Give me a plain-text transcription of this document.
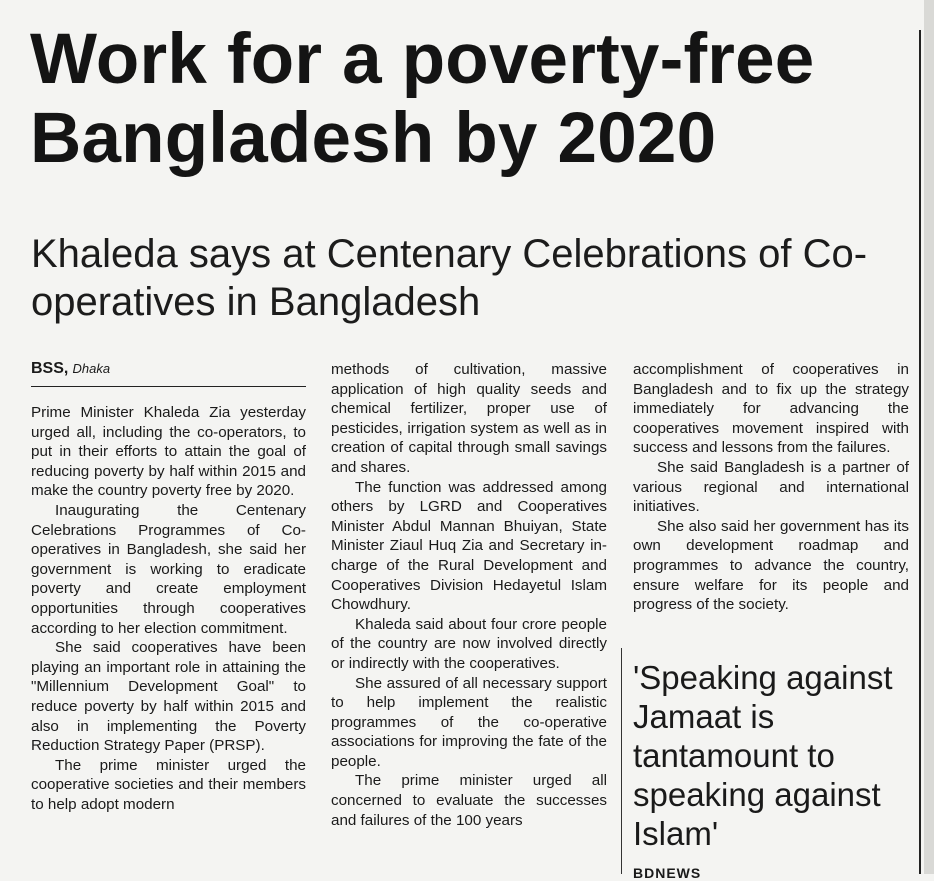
Work for a poverty-free Bangladesh by 2020
Khaleda says at Centenary Celebrations of Co-operatives in Bangladesh
BSS, Dhaka

Prime Minister Khaleda Zia yesterday urged all, including the co-operators, to put in their efforts to attain the goal of reducing poverty by half within 2015 and make the country poverty free by 2020.

Inaugurating the Centenary Celebrations Programmes of Co-operatives in Bangladesh, she said her government is working to eradicate poverty and create employment opportunities through cooperatives according to her election commitment.

She said cooperatives have been playing an important role in attaining the "Millennium Development Goal" to reduce poverty by half within 2015 and also in implementing the Poverty Reduction Strategy Paper (PRSP).

The prime minister urged the cooperative societies and their members to help adopt modern

methods of cultivation, massive application of high quality seeds and chemical fertilizer, proper use of pesticides, irrigation system as well as in creation of capital through small savings and shares.

The function was addressed among others by LGRD and Cooperatives Minister Abdul Mannan Bhuiyan, State Minister Ziaul Huq Zia and Secretary in-charge of the Rural Development and Cooperatives Division Hedayetul Islam Chowdhury.

Khaleda said about four crore people of the country are now involved directly or indirectly with the cooperatives.

She assured of all necessary support to help implement the realistic programmes of the co-operative associations for improving the fate of the people.

The prime minister urged all concerned to evaluate the successes and failures of the 100 years

accomplishment of cooperatives in Bangladesh and to fix up the strategy immediately for advancing the cooperatives movement inspired with success and lessons from the failures.

She said Bangladesh is a partner of various regional and international initiatives.

She also said her government has its own development roadmap and programmes to advance the country, ensure welfare for its people and progress of the society.

'Speaking against Jamaat is tantamount to speaking against Islam'
BDNEWS
